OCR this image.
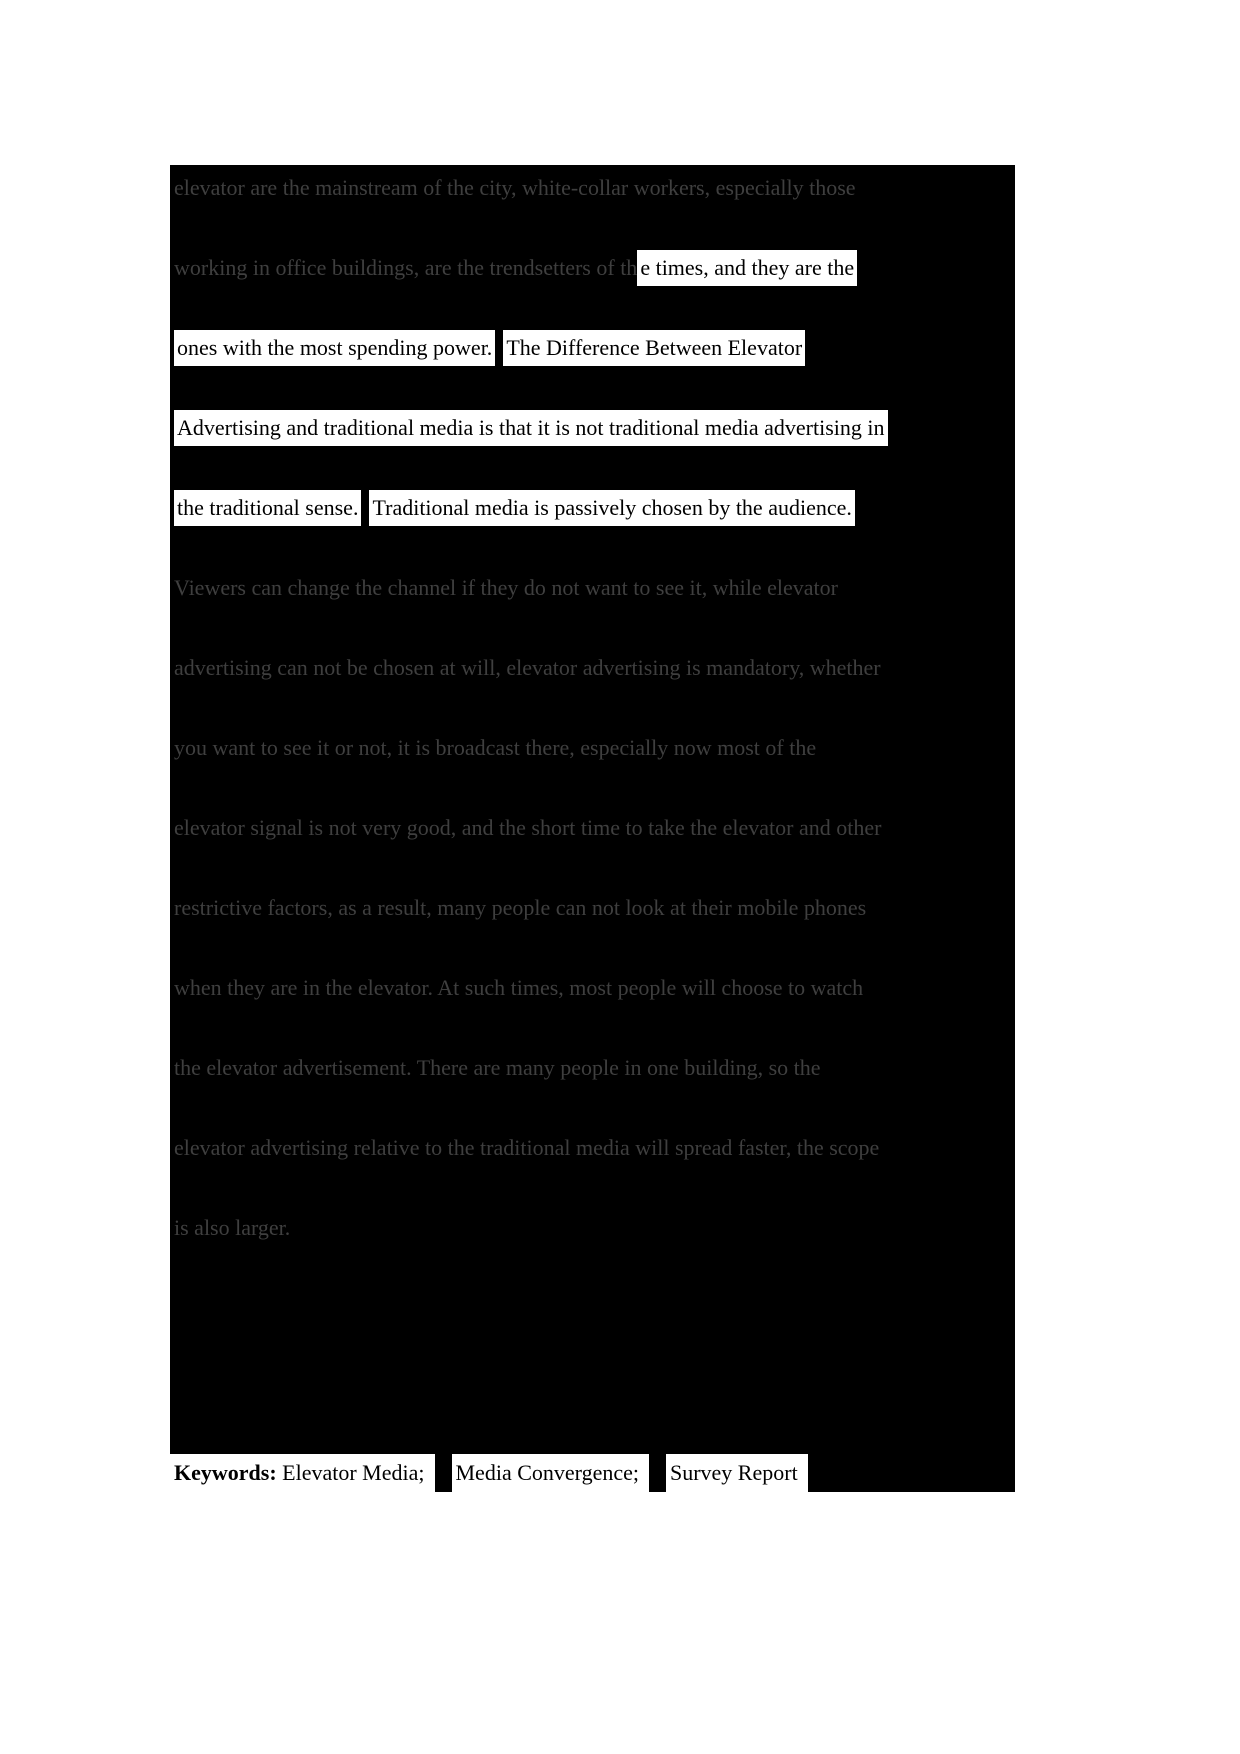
elevator are the mainstream of the city, white-collar workers, especially those
working in office buildings, are the trendsetters of th e times, and they are the
ones with the most spending power. The Difference Between Elevator
Advertising and traditional media is that it is not traditional media advertising in
the traditional sense. Traditional media is passively chosen by the audience.
Viewers can change the channel if they do not want to see it, while elevator
advertising can not be chosen at will, elevator advertising is mandatory, whether
you want to see it or not, it is broadcast there, especially now most of the
elevator signal is not very good, and the short time to take the elevator and other
restrictive factors, as a result, many people can not look at their mobile phones
when they are in the elevator. At such times, most people will choose to watch
the elevator advertisement. There are many people in one building, so the
elevator advertising relative to the traditional media will spread faster, the scope
is also larger.
Keywords: Elevator Media; Media Convergence; Survey Report
